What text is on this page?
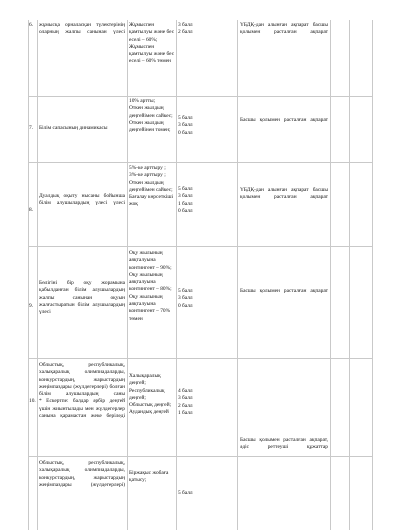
6. жұмысқа орналасқан түлектерінің оларның жалпы санынан үлесі
Жұмыспен қамтылуы және бес еселі – 60%;
Жұмыспен қамтылуы және бес еселі – 60% төмен
3 балл
2 балл
ҮБДҚ-дан алынған ақпарат басшы қолымен расталған ақпарат
7. Білім сапасының динамикасы
10% артты;
Откен жылдың деңгейімен сайкес;
Откен жылдың деңгейінен томен;
5 балл
3 балл
0 балл
Басшы қолымен расталған ақпарат
8.
Дуалдық оқыту нысаны бойынша білім алушылардың үлесі үлесі
5%-ке арттыру ;
3%-ке арттыру ;
Откен жылдың деңгейімен сайкес;
Бағалау көрсеткіші жоқ
5 балл
3 балл
1 балл
0 балл
ҮБДҚ-дан алынған ақпарат басшы қолымен расталған ақпарат
9.
Бөлігіні бір оқу жорамына қабылданған білім алушылардың жалпы санынан оқуын жалғастыратын білім алушылардың үлесі
Оқу жылының аяқталуына контингент – 90%;
Оқу жылының аяқталуына контингент – 80%;
Оқу жылының аяқталуына контингент – 70% төмен
5 балл
3 балл
0 балл
Басшы қолымен расталған ақпарат
10.
Облыстық, республикалық, халықаралық олимпиадаларды, конкурстардың, жарыстардың жеңімпаздары (жүлдегерлері) болған білім алушылардың саны
* Ескертпе: балдар әрбір деңгей үшін жиынтылады мен жүлдегерлер санына қарамастан жеке беріледі
Халықаралық деңгей;
Республикалық деңгей;
Облыстық деңгей;
Аудандық деңгей
4 балл
3 балл
2 балл
1 балл
Басшы қолымен расталған ақпарат, әдіс реттеуші құжаттар
Облыстық, республикалық, халықаралық олимпиадаларды, конкурстардың, жарыстардың жеңімпаздары (жүлдегерлері)
Біржақыс жобаға қатысу;
5 балл
